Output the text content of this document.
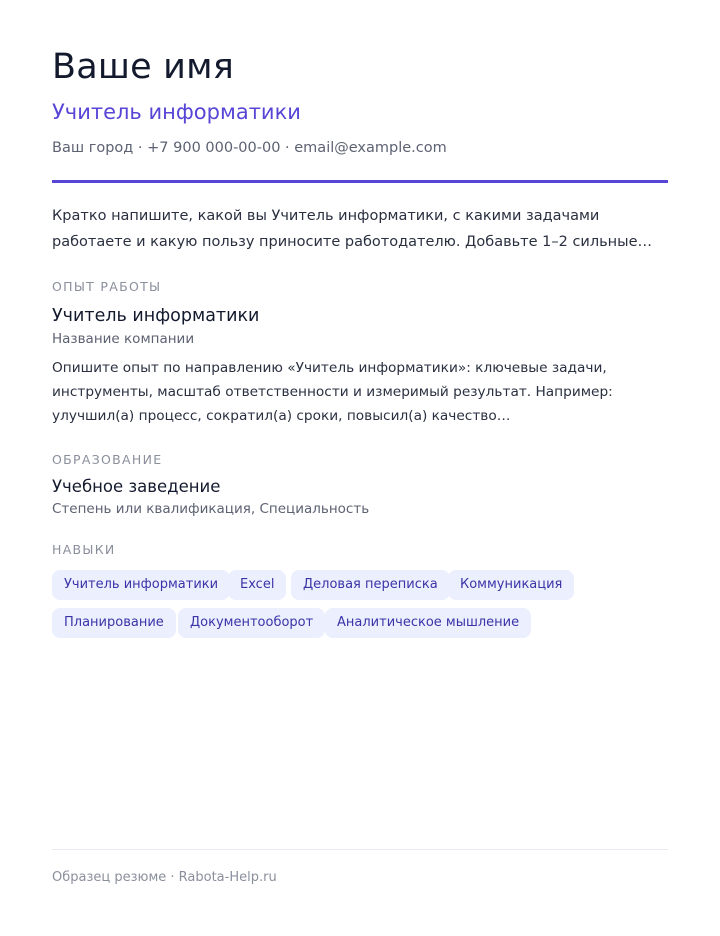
Ваше имя
Учитель информатики
Ваш город · +7 900 000-00-00 · email@example.com
Кратко напишите, какой вы Учитель информатики, с какими задачами работаете и какую пользу приносите работодателю. Добавьте 1–2 сильные…
ОПЫТ РАБОТЫ
Учитель информатики
Название компании
Опишите опыт по направлению «Учитель информатики»: ключевые задачи, инструменты, масштаб ответственности и измеримый результат. Например: улучшил(а) процесс, сократил(а) сроки, повысил(а) качество…
ОБРАЗОВАНИЕ
Учебное заведение
Степень или квалификация, Специальность
НАВЫКИ
Учитель информатики	Excel	Деловая переписка	Коммуникация
Планирование	Документооборот	Аналитическое мышление
Образец резюме · Rabota-Help.ru
